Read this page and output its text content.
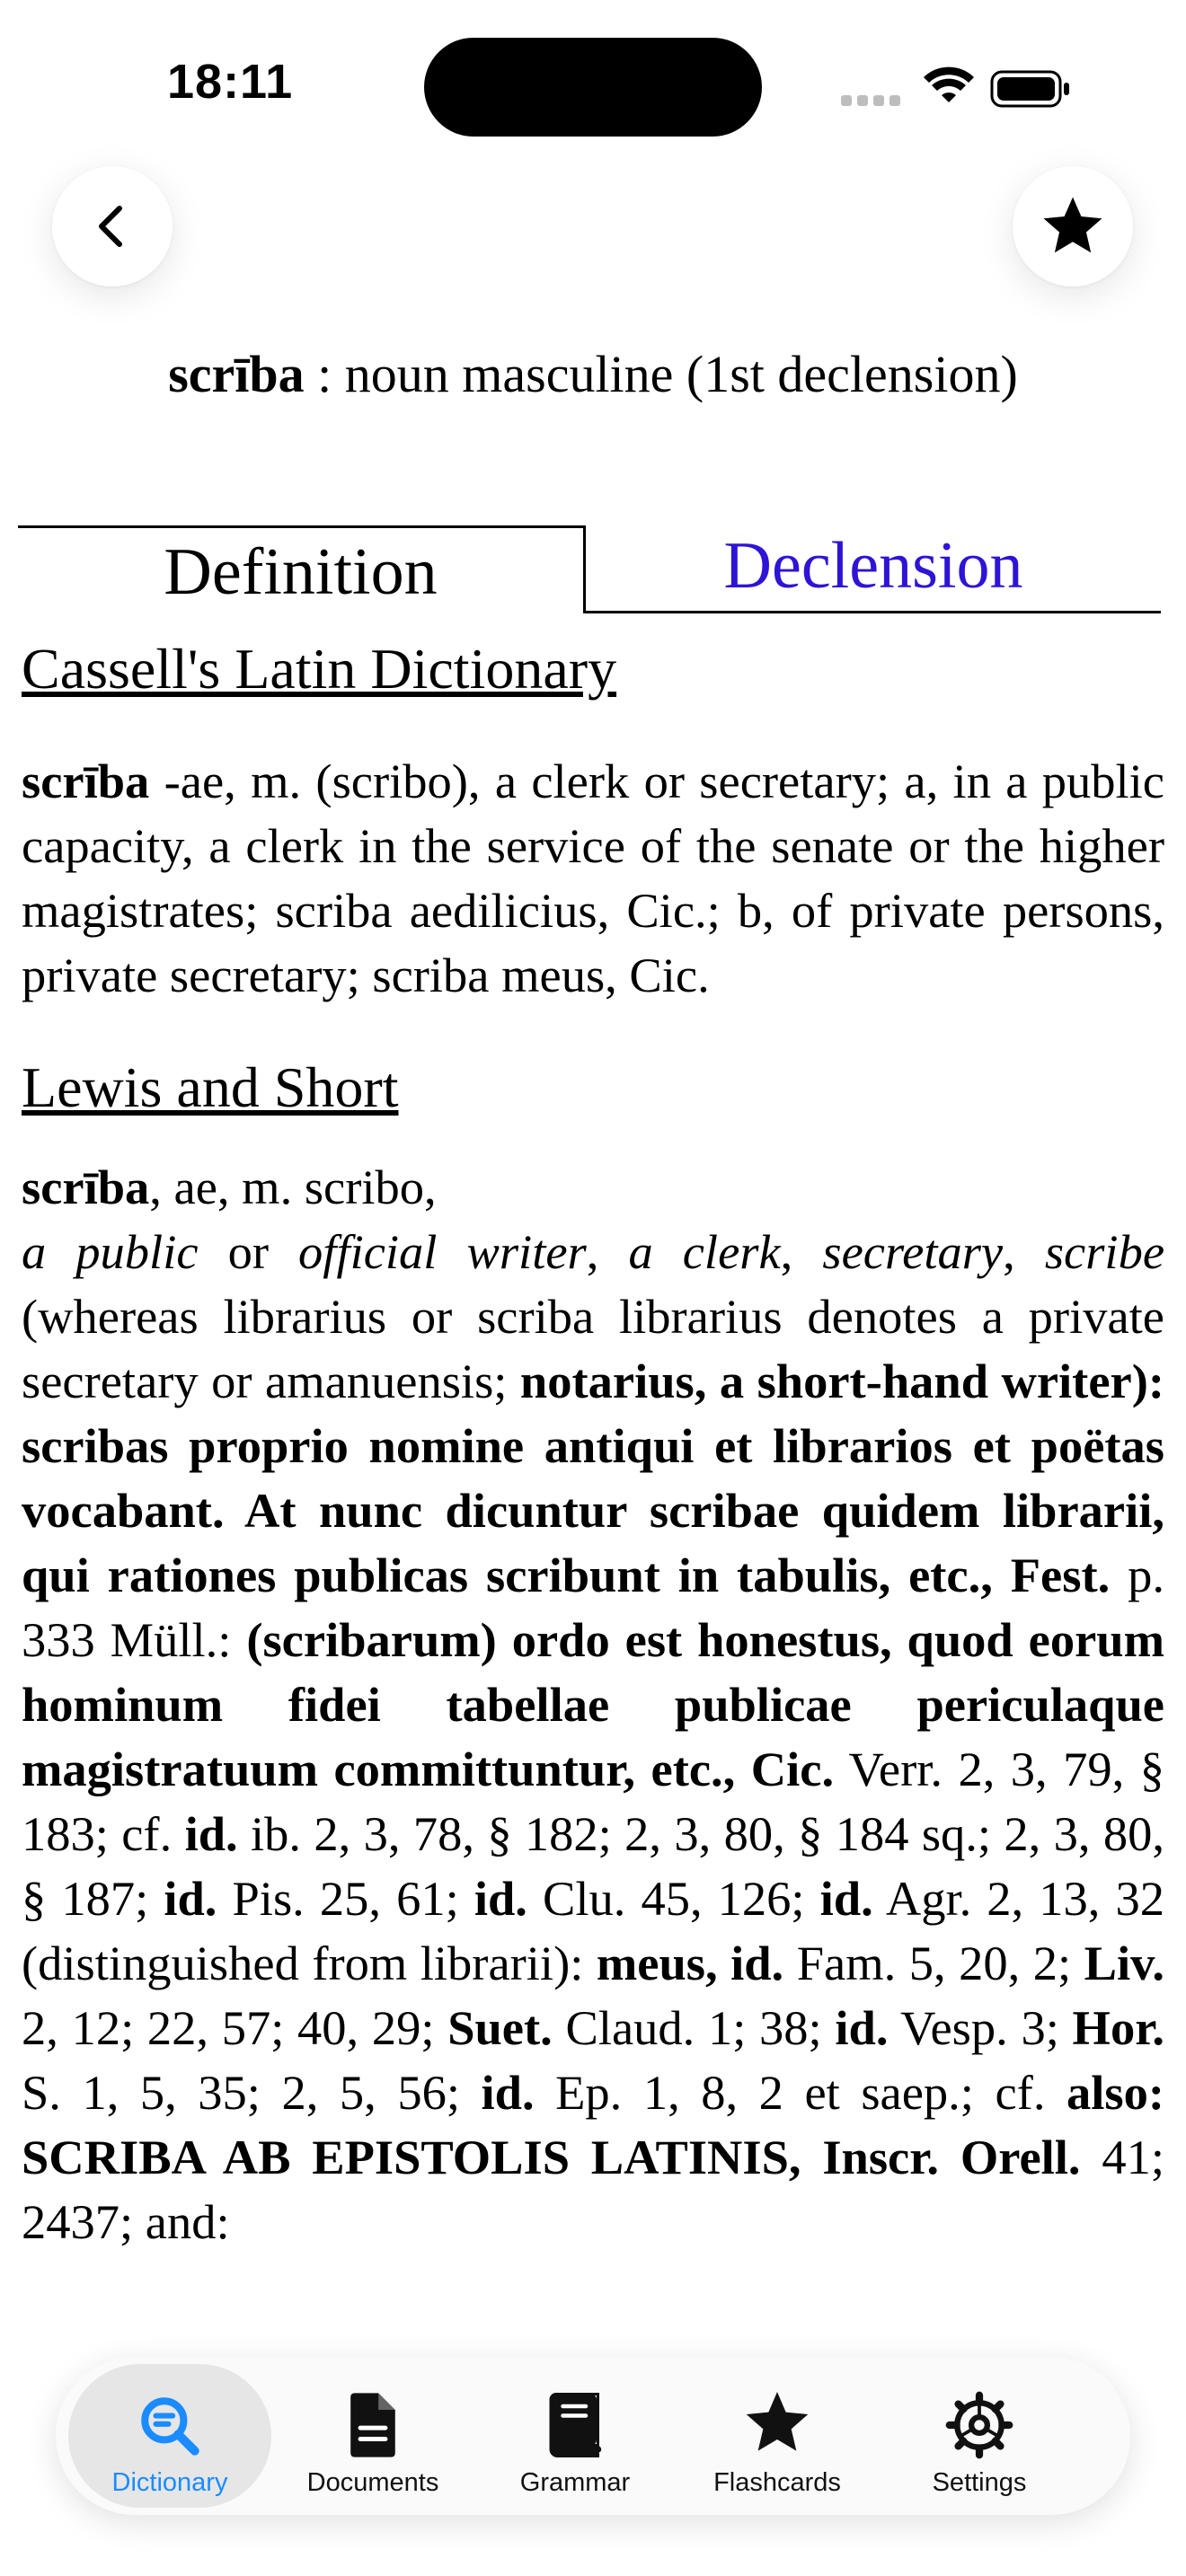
18:11
scrība : noun masculine (1st declension)
Definition	Declension

Cassell's Latin Dictionary

scrība -ae, m. (scribo), a clerk or secretary; a, in a public capacity, a clerk in the service of the senate or the higher magistrates; scriba aedilicius, Cic.; b, of private persons, private secretary; scriba meus, Cic.

Lewis and Short

scrība, ae, m. scribo,

a public or official writer, a clerk, secretary, scribe (whereas librarius or scriba librarius denotes a private secretary or amanuensis; notarius, a short-hand writer): scribas proprio nomine antiqui et librarios et poëtas vocabant. At nunc dicuntur scribae quidem librarii, qui rationes publicas scribunt in tabulis, etc., Fest. p. 333 Müll.: (scribarum) ordo est honestus, quod eorum hominum fidei tabellae publicae periculaque magistratuum committuntur, etc., Cic. Verr. 2, 3, 79, § 183; cf. id. ib. 2, 3, 78, § 182; 2, 3, 80, § 184 sq.; 2, 3, 80, § 187; id. Pis. 25, 61; id. Clu. 45, 126; id. Agr. 2, 13, 32 (distinguished from librarii): meus, id. Fam. 5, 20, 2; Liv. 2, 12; 22, 57; 40, 29; Suet. Claud. 1; 38; id. Vesp. 3; Hor. S. 1, 5, 35; 2, 5, 56; id. Ep. 1, 8, 2 et saep.; cf. also: SCRIBA AB EPISTOLIS LATINIS, Inscr. Orell. 41; 2437; and:

Dictionary	Documents	Grammar	Flashcards	Settings
